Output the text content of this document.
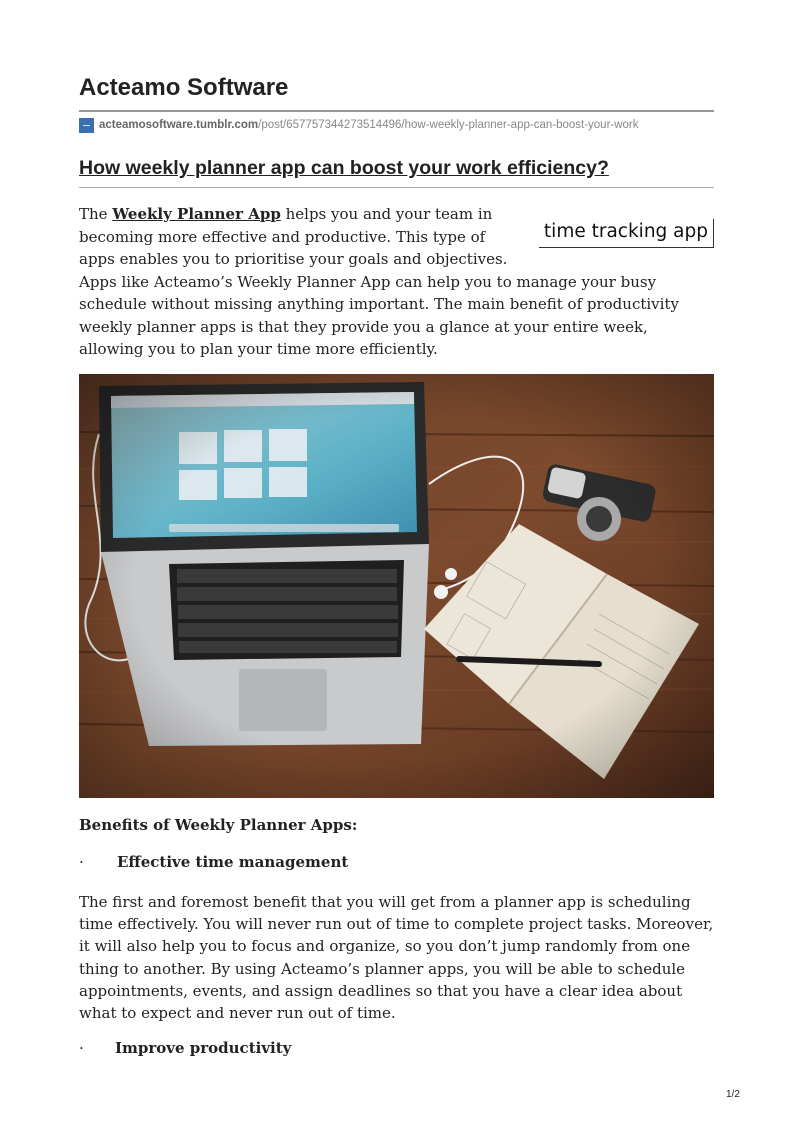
Acteamo Software
acteamosoftware.tumblr.com /post/657757344273514496/how-weekly-planner-app-can-boost-your-work
How weekly planner app can boost your work efficiency?
time tracking app

The Weekly Planner App helps you and your team in becoming more effective and productive. This type of apps enables you to prioritise your goals and objectives. Apps like Acteamo’s Weekly Planner App can help you to manage your busy schedule without missing anything important. The main benefit of productivity weekly planner apps is that they provide you a glance at your entire week, allowing you to plan your time more efficiently.

Benefits of Weekly Planner Apps:
·	Effective time management

The first and foremost benefit that you will get from a planner app is scheduling time effectively. You will never run out of time to complete project tasks. Moreover, it will also help you to focus and organize, so you don’t jump randomly from one thing to another. By using Acteamo’s planner apps, you will be able to schedule appointments, events, and assign deadlines so that you have a clear idea about what to expect and never run out of time.

·	Improve productivity
1/2
